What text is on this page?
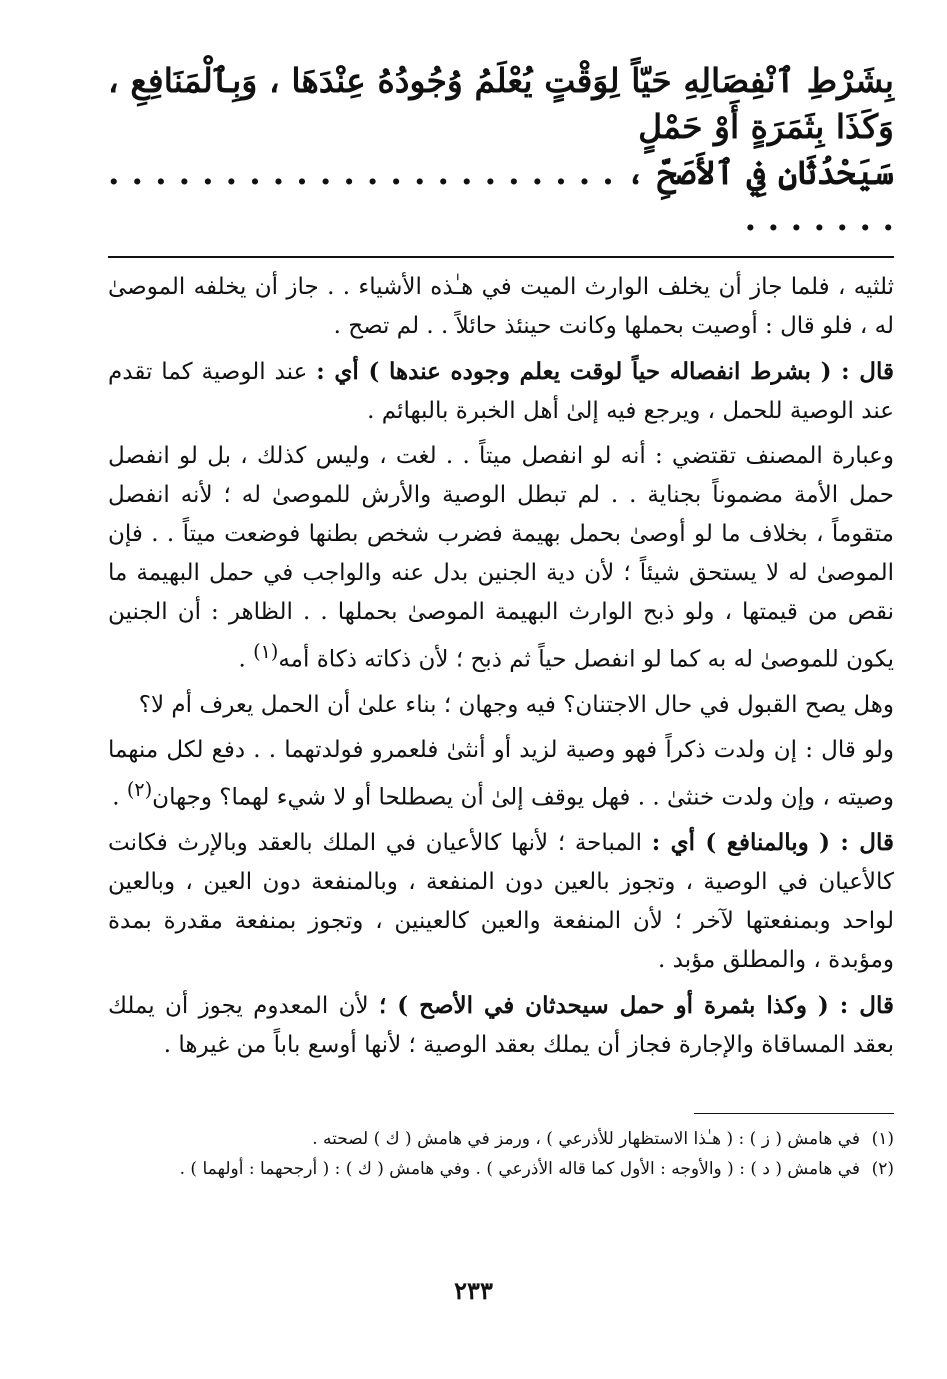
بِشَرْطِ ٱنْفِصَالِهِ حَيّاً لِوَقْتٍ يُعْلَمُ وُجُودُهُ عِنْدَهَا ، وَبِٱلْمَنَافِعِ ، وَكَذَا بِثَمَرَةٍ أَوْ حَمْلٍ
سَيَحْدُثَانِ فِي ٱلأَصَحِّ ، . . . . . . . . . . . . . . . . . . . . . . . . . . . . .

ثلثيه ، فلما جاز أن يخلف الوارث الميت في هـٰذه الأشياء . . جاز أن يخلفه الموصىٰ له ، فلو قال : أوصيت بحملها وكانت حينئذ حائلاً . . لم تصح .

قال : ( بشرط انفصاله حياً لوقت يعلم وجوده عندها ) أي : عند الوصية كما تقدم عند الوصية للحمل ، ويرجع فيه إلىٰ أهل الخبرة بالبهائم .

وعبارة المصنف تقتضي : أنه لو انفصل ميتاً . . لغت ، وليس كذلك ، بل لو انفصل حمل الأمة مضموناً بجناية . . لم تبطل الوصية والأرش للموصىٰ له ؛ لأنه انفصل متقوماً ، بخلاف ما لو أوصىٰ بحمل بهيمة فضرب شخص بطنها فوضعت ميتاً . . فإن الموصىٰ له لا يستحق شيئاً ؛ لأن دية الجنين بدل عنه والواجب في حمل البهيمة ما نقص من قيمتها ، ولو ذبح الوارث البهيمة الموصىٰ بحملها . . الظاهر : أن الجنين يكون للموصىٰ له به كما لو انفصل حياً ثم ذبح ؛ لأن ذكاته ذكاة أمه$^{(١)}$ .

وهل يصح القبول في حال الاجتنان؟ فيه وجهان ؛ بناء علىٰ أن الحمل يعرف أم لا؟

ولو قال : إن ولدت ذكراً فهو وصية لزيد أو أنثىٰ فلعمرو فولدتهما . . دفع لكل منهما وصيته ، وإن ولدت خنثىٰ . . فهل يوقف إلىٰ أن يصطلحا أو لا شيء لهما؟ وجهان$^{(٢)}$ .

قال : ( وبالمنافع ) أي : المباحة ؛ لأنها كالأعيان في الملك بالعقد وبالإرث فكانت كالأعيان في الوصية ، وتجوز بالعين دون المنفعة ، وبالمنفعة دون العين ، وبالعين لواحد وبمنفعتها لآخر ؛ لأن المنفعة والعين كالعينين ، وتجوز بمنفعة مقدرة بمدة ومؤبدة ، والمطلق مؤبد .

قال : ( وكذا بثمرة أو حمل سيحدثان في الأصح ) ؛ لأن المعدوم يجوز أن يملك بعقد المساقاة والإجارة فجاز أن يملك بعقد الوصية ؛ لأنها أوسع باباً من غيرها .

(١)في هامش ( ز ) : ( هـٰذا الاستظهار للأذرعي ) ، ورمز في هامش ( ك ) لصحته .

(٢)في هامش ( د ) : ( والأوجه : الأول كما قاله الأذرعي ) . وفي هامش ( ك ) : ( أرجحهما : أولهما ) .

٢٣٣
